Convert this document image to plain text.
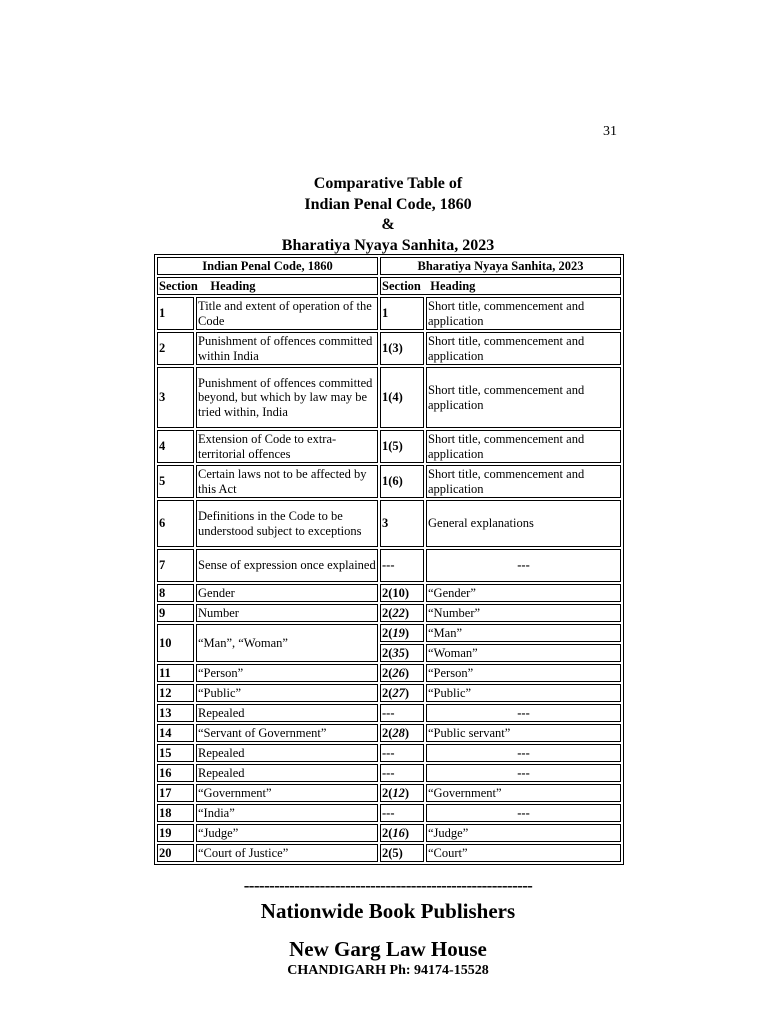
31
Comparative Table of
Indian Penal Code, 1860
&
Bharatiya Nyaya Sanhita, 2023
Indian Penal Code, 1860		Bharatiya Nyaya Sanhita, 2023	
Section    Heading		Section   Heading	
1	Title and extent of operation of the Code	1	Short title, commencement and application
2	Punishment of offences committed within India	1(3)	Short title, commencement and application
3	Punishment of offences committed beyond, but which by law may be tried within, India	1(4)	Short title, commencement and application
4	Extension of Code to extra-territorial offences	1(5)	Short title, commencement and application
5	Certain laws not to be affected by this Act	1(6)	Short title, commencement and application
6	Definitions in the Code to be understood subject to exceptions	3	General explanations
7	Sense of expression once explained	---	---
8	Gender	2(10)	“Gender”
9	Number	2(22)	“Number”
10	“Man”, “Woman”	2(19)	“Man”
		2(35)	“Woman”
11	“Person”	2(26)	“Person”
12	“Public”	2(27)	“Public”
13	Repealed	---	---
14	“Servant of Government”	2(28)	“Public servant”
15	Repealed	---	---
16	Repealed	---	---
17	“Government”	2(12)	“Government”
18	“India”	---	---
19	“Judge”	2(16)	“Judge”
20	“Court of Justice”	2(5)	“Court”
---------------------------------------------------------
Nationwide Book Publishers
New Garg Law House
CHANDIGARH Ph: 94174-15528
